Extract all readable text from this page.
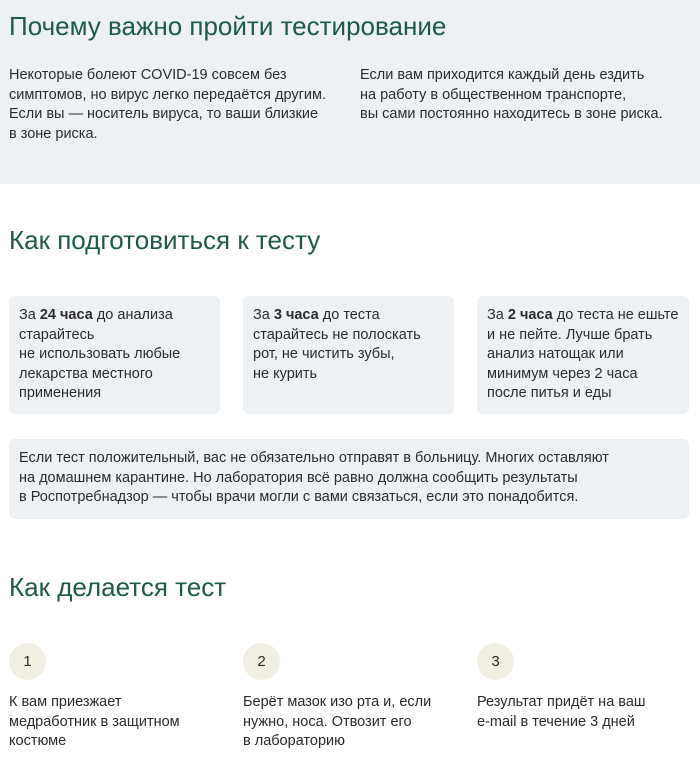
Почему важно пройти тестирование
Некоторые болеют COVID-19 совсем без
симптомов, но вирус легко передаётся другим.
Если вы — носитель вируса, то ваши близкие
в зоне риска.
Если вам приходится каждый день ездить
на работу в общественном транспорте,
вы сами постоянно находитесь в зоне риска.
Как подготовиться к тесту
За 24 часа до анализа
старайтесь
не использовать любые
лекарства местного
применения
За 3 часа до теста
старайтесь не полоскать
рот, не чистить зубы,
не курить
За 2 часа до теста не ешьте
и не пейте. Лучше брать
анализ натощак или
минимум через 2 часа
после питья и еды
Если тест положительный, вас не обязательно отправят в больницу. Многих оставляют
на домашнем карантине. Но лаборатория всё равно должна сообщить результаты
в Роспотребнадзор — чтобы врачи могли с вами связаться, если это понадобится.
Как делается тест
1	2	3
К вам приезжает
медработник в защитном
костюме
Берёт мазок изо рта и, если
нужно, носа. Отвозит его
в лабораторию
Результат придёт на ваш
e-mail в течение 3 дней
